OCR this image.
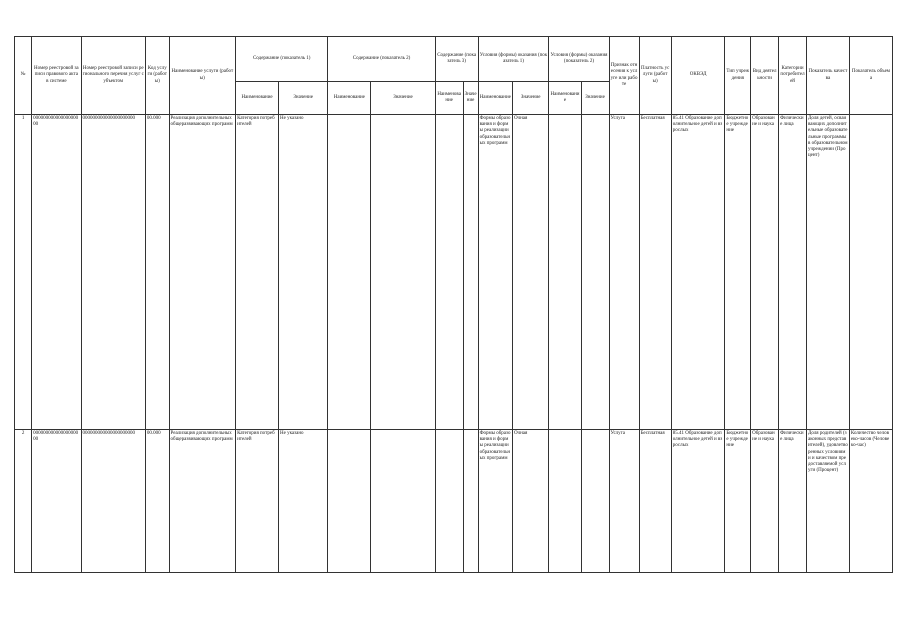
№	Номер реестровой записи правового акта в системе	Номер реестровой записи регионального перечня услуг субъектом	Код услуги (работы)	Наименование услуги (работы)	Содержание (показатель 1)		Содержание (показатель 2)		Содержание (показатель 3)		Условия (формы) оказания (показатель 1)		Условия (формы) оказания (показатель 2)		Признак отнесения к услуге или работе	Платность услуги (работы)	ОКВЭД	Тип учреждения	Вид деятельности	Категории потребителей	Показатель качества	Показатель объема
					Наименование	Значение	Наименование	Значение	Наименование	Значение	Наименование	Значение	Наименование	Значение								
1	00000000000000000000	000000000000000000000	00.000	Реализация дополнительных общеразвивающих программ	Категория потребителей	Не указано					Формы образования и формы реализации образовательных программ	Очная			Услуга	Бесплатная	85.41 Образование дополнительное детей и взрослых	Бюджетное учреждение	Образование и наука	Физические лица	Доля детей, осваивающих дополнительные образовательные программы в образовательном учреждении (Процент)	
2	00000000000000000000	000000000000000000000	00.000	Реализация дополнительных общеразвивающих программ	Категория потребителей	Не указано					Формы образования и формы реализации образовательных программ	Очная			Услуга	Бесплатная	85.41 Образование дополнительное детей и взрослых	Бюджетное учреждение	Образование и наука	Физические лица	Доля родителей (законных представителей), удовлетворенных условиями и качеством предоставляемой услуги (Процент)	Количество человеко-часов (Человеко-час)
